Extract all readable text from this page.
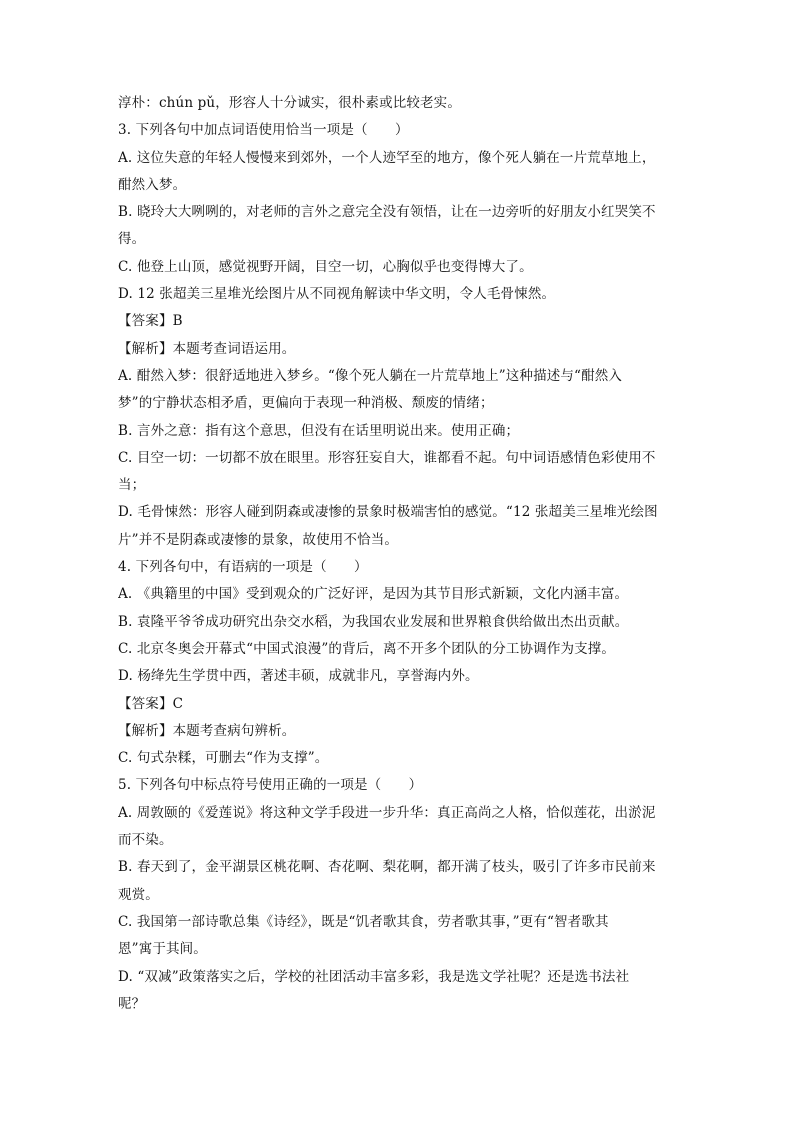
淳朴：chún pǔ，形容人十分诚实，很朴素或比较老实。
3. 下列各句中加点词语使用恰当一项是（　　）
A. 这位失意的年轻人慢慢来到郊外，一个人迹罕至的地方，像个死人躺在一片荒草地上，
酣然入梦。
B. 晓玲大大咧咧的，对老师的言外之意完全没有领悟，让在一边旁听的好朋友小红哭笑不
得。
C. 他登上山顶，感觉视野开阔，目空一切，心胸似乎也变得博大了。
D. 12 张超美三星堆光绘图片从不同视角解读中华文明，令人毛骨悚然。
【答案】B
【解析】本题考查词语运用。
A. 酣然入梦：很舒适地进入梦乡。“像个死人躺在一片荒草地上”这种描述与“酣然入
梦”的宁静状态相矛盾，更偏向于表现一种消极、颓废的情绪；
B. 言外之意：指有这个意思，但没有在话里明说出来。使用正确；
C. 目空一切：一切都不放在眼里。形容狂妄自大，谁都看不起。句中词语感情色彩使用不
当；
D. 毛骨悚然：形容人碰到阴森或凄惨的景象时极端害怕的感觉。“12 张超美三星堆光绘图
片”并不是阴森或凄惨的景象，故使用不恰当。
4. 下列各句中，有语病的一项是（　　）
A. 《典籍里的中国》受到观众的广泛好评，是因为其节目形式新颖，文化内涵丰富。
B. 袁隆平爷爷成功研究出杂交水稻，为我国农业发展和世界粮食供给做出杰出贡献。
C. 北京冬奥会开幕式“中国式浪漫”的背后，离不开多个团队的分工协调作为支撑。
D. 杨绛先生学贯中西，著述丰硕，成就非凡，享誉海内外。
【答案】C
【解析】本题考查病句辨析。
C. 句式杂糅，可删去“作为支撑”。
5. 下列各句中标点符号使用正确的一项是（　　）
A. 周敦颐的《爱莲说》将这种文学手段进一步升华：真正高尚之人格，恰似莲花，出淤泥
而不染。
B. 春天到了，金平湖景区桃花啊、杏花啊、梨花啊，都开满了枝头，吸引了许多市民前来
观赏。
C. 我国第一部诗歌总集《诗经》，既是“饥者歌其食，劳者歌其事，”更有“智者歌其
恩”寓于其间。
D. “双减”政策落实之后，学校的社团活动丰富多彩，我是选文学社呢？还是选书法社
呢？
